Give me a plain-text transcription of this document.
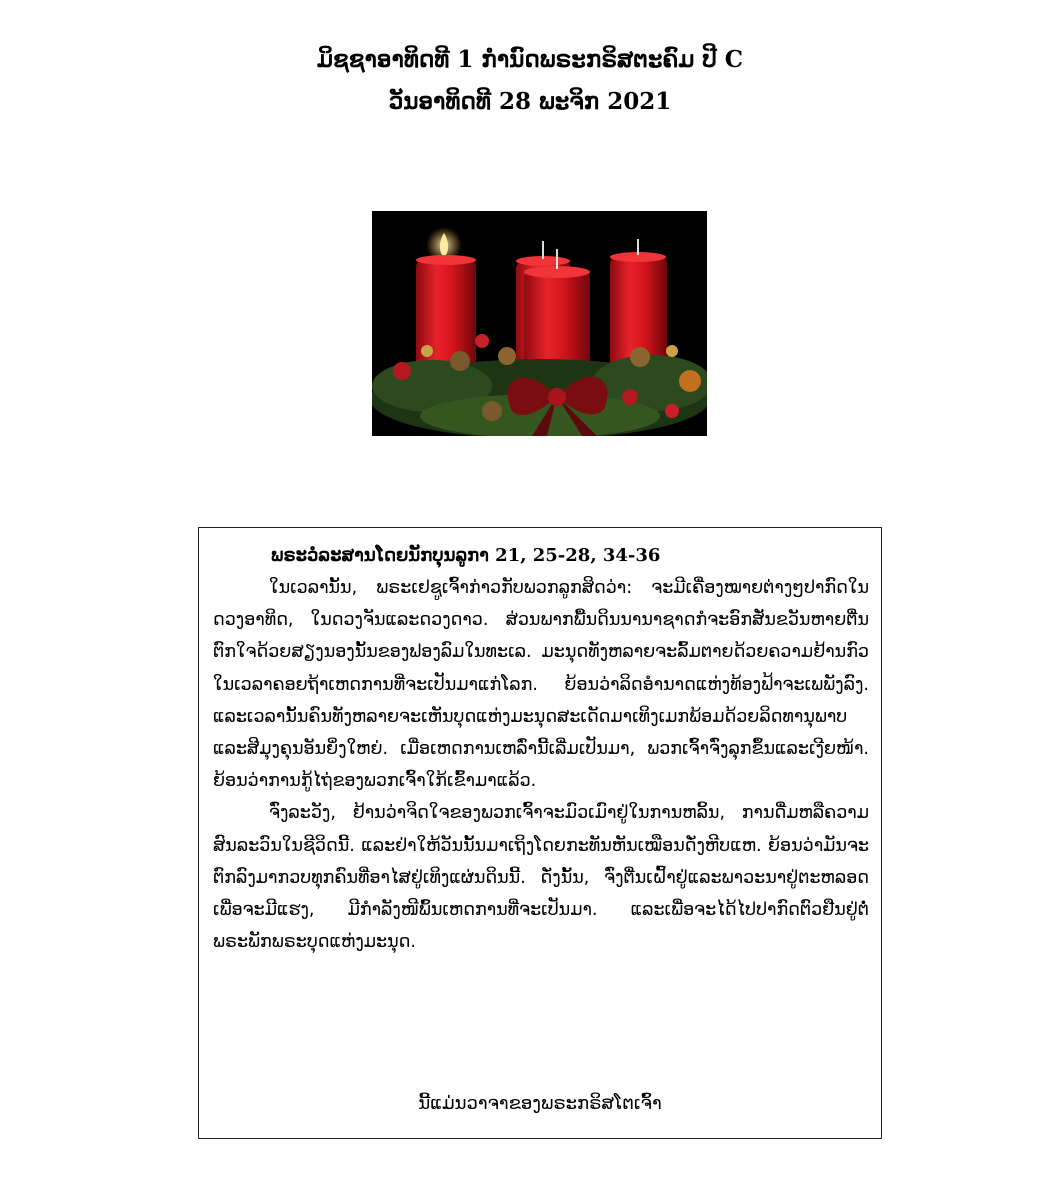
ມິຊຊາອາທິດທີ 1 ກຳນົດພຣະກຣິສຕະຄົມ ປີ C
ວັນອາທິດທີ 28 ພະຈິກ 2021
ພຣະວໍລະສານໂດຍນັກບຸນລູກາ 21, 25-28, 34-36

ໃນເວລານັ້ນ, ພຣະເຢຊູເຈົ້າກ່າວກັບພວກລູກສິດວ່າ: ຈະມີເຄື່ອງໝາຍຕ່າງໆປາກົດໃນດວງອາທິດ, ໃນດວງຈັນແລະດວງດາວ. ສ່ວນພາກພື້ນດິນນານາຊາດກໍຈະອົກສັ່ນຂວັນຫາຍຕື່ນຕົກໃຈດ້ວຍສຽງນອງນັ້ນຂອງຟອງລົມໃນທະເລ. ມະນຸດທັງຫລາຍຈະລົ້ມຕາຍດ້ວຍຄວາມຢ້ານກົວໃນເວລາຄອຍຖ້າເຫດການທີ່ຈະເປັນມາແກ່ໂລກ. ຍ້ອນວ່າລິດອຳນາດແຫ່ງທ້ອງຟ້າຈະເພພັງລົງ. ແລະເວລານັ້ນຄົນທັງຫລາຍຈະເຫັນບຸດແຫ່ງມະນຸດສະເດັດມາເທິງເມກພ້ອມດ້ວຍລິດທານຸພາບແລະສີມຸງຄຸນອັນຍິ່ງໃຫຍ່. ເມື່ອເຫດການເຫລົ່ານີ້ເລີ່ມເປັນມາ, ພວກເຈົ້າຈົ່ງລຸກຂຶ້ນແລະເງີຍໜ້າ. ຍ້ອນວ່າການກູ້ໄຖ່ຂອງພວກເຈົ້າໃກ້ເຂົ້າມາແລ້ວ.

ຈົ່ງລະວັງ, ຢ້ານວ່າຈິດໃຈຂອງພວກເຈົ້າຈະມົວເມົາຢູ່ໃນການຫລິ້ນ, ການດື່ມຫລືຄວາມສົນລະວົນໃນຊີວິດນີ້. ແລະຢ່າໃຫ້ວັນນັ້ນມາເຖິງໂດຍກະທັນຫັນເໝືອນດັ່ງຫີບແຫ. ຍ້ອນວ່າມັນຈະຕົກລົງມາກວບທຸກຄົນທີ່ອາໄສຢູ່ເທິງແຜ່ນດິນນີ້. ດັ່ງນັ້ນ, ຈົ່ງຕື່ນເຝົ້າຢູ່ແລະພາວະນາຢູ່ຕະຫລອດເພື່ອຈະມີແຮງ, ມີກຳລັງໜີພົ້ນເຫດການທີ່ຈະເປັນມາ. ແລະເພື່ອຈະໄດ້ໄປປາກົດຕົວຢືນຢູ່ຕໍ່ພຣະພັກພຣະບຸດແຫ່ງມະນຸດ.

ນີ້ແມ່ນວາຈາຂອງພຣະກຣິສໂຕເຈົ້າ
